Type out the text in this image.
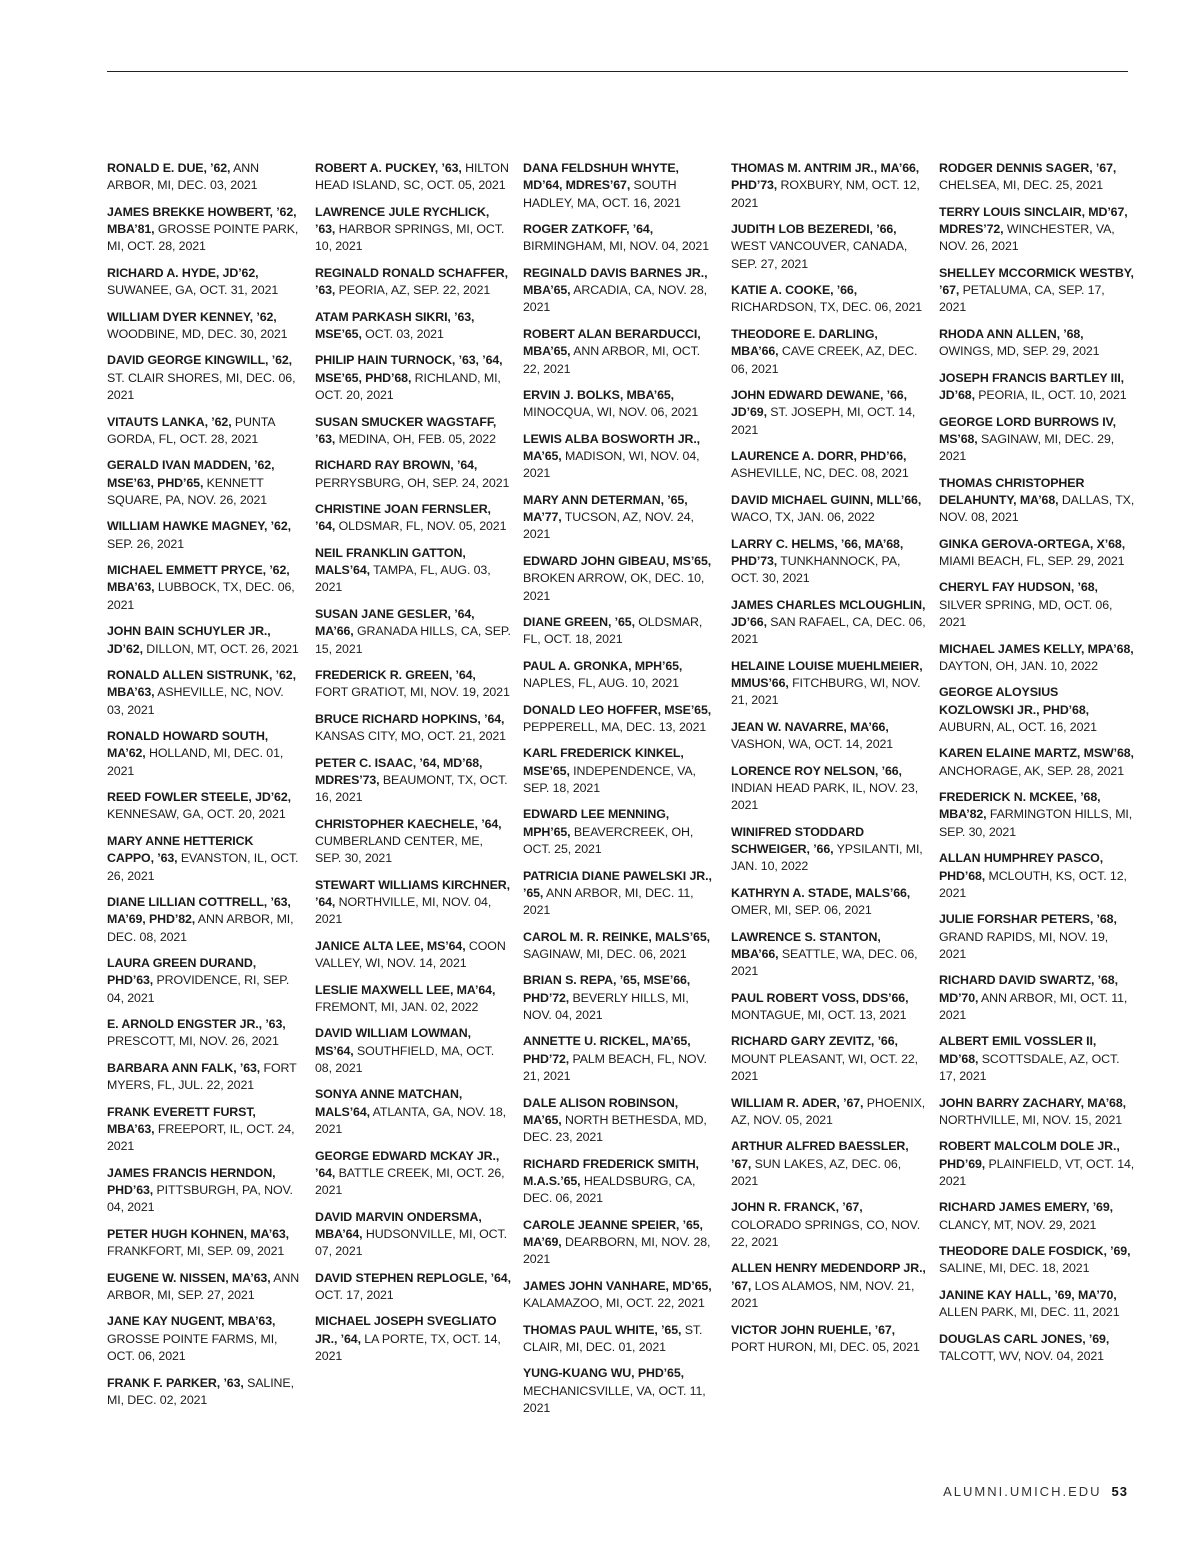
RONALD E. DUE, ’62, ANN ARBOR, MI, DEC. 03, 2021
JAMES BREKKE HOWBERT, ’62, MBA’81, GROSSE POINTE PARK, MI, OCT. 28, 2021
RICHARD A. HYDE, JD’62, SUWANEE, GA, OCT. 31, 2021
WILLIAM DYER KENNEY, ’62, WOODBINE, MD, DEC. 30, 2021
DAVID GEORGE KINGWILL, ’62, ST. CLAIR SHORES, MI, DEC. 06, 2021
VITAUTS LANKA, ’62, PUNTA GORDA, FL, OCT. 28, 2021
GERALD IVAN MADDEN, ’62, MSE’63, PHD’65, KENNETT SQUARE, PA, NOV. 26, 2021
WILLIAM HAWKE MAGNEY, ’62, SEP. 26, 2021
MICHAEL EMMETT PRYCE, ’62, MBA’63, LUBBOCK, TX, DEC. 06, 2021
JOHN BAIN SCHUYLER JR., JD’62, DILLON, MT, OCT. 26, 2021
RONALD ALLEN SISTRUNK, ’62, MBA’63, ASHEVILLE, NC, NOV. 03, 2021
RONALD HOWARD SOUTH, MA’62, HOLLAND, MI, DEC. 01, 2021
REED FOWLER STEELE, JD’62, KENNESAW, GA, OCT. 20, 2021
MARY ANNE HETTERICK CAPPO, ’63, EVANSTON, IL, OCT. 26, 2021
DIANE LILLIAN COTTRELL, ’63, MA’69, PHD’82, ANN ARBOR, MI, DEC. 08, 2021
LAURA GREEN DURAND, PHD’63, PROVIDENCE, RI, SEP. 04, 2021
E. ARNOLD ENGSTER JR., ’63, PRESCOTT, MI, NOV. 26, 2021
BARBARA ANN FALK, ’63, FORT MYERS, FL, JUL. 22, 2021
FRANK EVERETT FURST, MBA’63, FREEPORT, IL, OCT. 24, 2021
JAMES FRANCIS HERNDON, PHD’63, PITTSBURGH, PA, NOV. 04, 2021
PETER HUGH KOHNEN, MA’63, FRANKFORT, MI, SEP. 09, 2021
EUGENE W. NISSEN, MA’63, ANN ARBOR, MI, SEP. 27, 2021
JANE KAY NUGENT, MBA’63, GROSSE POINTE FARMS, MI, OCT. 06, 2021
FRANK F. PARKER, ’63, SALINE, MI, DEC. 02, 2021
ROBERT A. PUCKEY, ’63, HILTON HEAD ISLAND, SC, OCT. 05, 2021
LAWRENCE JULE RYCHLICK, ’63, HARBOR SPRINGS, MI, OCT. 10, 2021
REGINALD RONALD SCHAFFER, ’63, PEORIA, AZ, SEP. 22, 2021
ATAM PARKASH SIKRI, ’63, MSE’65, OCT. 03, 2021
PHILIP HAIN TURNOCK, ’63, ’64, MSE’65, PHD’68, RICHLAND, MI, OCT. 20, 2021
SUSAN SMUCKER WAGSTAFF, ’63, MEDINA, OH, FEB. 05, 2022
RICHARD RAY BROWN, ’64, PERRYSBURG, OH, SEP. 24, 2021
CHRISTINE JOAN FERNSLER, ’64, OLDSMAR, FL, NOV. 05, 2021
NEIL FRANKLIN GATTON, MALS’64, TAMPA, FL, AUG. 03, 2021
SUSAN JANE GESLER, ’64, MA’66, GRANADA HILLS, CA, SEP. 15, 2021
FREDERICK R. GREEN, ’64, FORT GRATIOT, MI, NOV. 19, 2021
BRUCE RICHARD HOPKINS, ’64, KANSAS CITY, MO, OCT. 21, 2021
PETER C. ISAAC, ’64, MD’68, MDRES’73, BEAUMONT, TX, OCT. 16, 2021
CHRISTOPHER KAECHELE, ’64, CUMBERLAND CENTER, ME, SEP. 30, 2021
STEWART WILLIAMS KIRCHNER, ’64, NORTHVILLE, MI, NOV. 04, 2021
JANICE ALTA LEE, MS’64, COON VALLEY, WI, NOV. 14, 2021
LESLIE MAXWELL LEE, MA’64, FREMONT, MI, JAN. 02, 2022
DAVID WILLIAM LOWMAN, MS’64, SOUTHFIELD, MA, OCT. 08, 2021
SONYA ANNE MATCHAN, MALS’64, ATLANTA, GA, NOV. 18, 2021
GEORGE EDWARD MCKAY JR., ’64, BATTLE CREEK, MI, OCT. 26, 2021
DAVID MARVIN ONDERSMA, MBA’64, HUDSONVILLE, MI, OCT. 07, 2021
DAVID STEPHEN REPLOGLE, ’64, OCT. 17, 2021
MICHAEL JOSEPH SVEGLIATO JR., ’64, LA PORTE, TX, OCT. 14, 2021
DANA FELDSHUH WHYTE, MD’64, MDRES’67, SOUTH HADLEY, MA, OCT. 16, 2021
ROGER ZATKOFF, ’64, BIRMINGHAM, MI, NOV. 04, 2021
REGINALD DAVIS BARNES JR., MBA’65, ARCADIA, CA, NOV. 28, 2021
ROBERT ALAN BERARDUCCI, MBA’65, ANN ARBOR, MI, OCT. 22, 2021
ERVIN J. BOLKS, MBA’65, MINOCQUA, WI, NOV. 06, 2021
LEWIS ALBA BOSWORTH JR., MA’65, MADISON, WI, NOV. 04, 2021
MARY ANN DETERMAN, ’65, MA’77, TUCSON, AZ, NOV. 24, 2021
EDWARD JOHN GIBEAU, MS’65, BROKEN ARROW, OK, DEC. 10, 2021
DIANE GREEN, ’65, OLDSMAR, FL, OCT. 18, 2021
PAUL A. GRONKA, MPH’65, NAPLES, FL, AUG. 10, 2021
DONALD LEO HOFFER, MSE’65, PEPPERELL, MA, DEC. 13, 2021
KARL FREDERICK KINKEL, MSE’65, INDEPENDENCE, VA, SEP. 18, 2021
EDWARD LEE MENNING, MPH’65, BEAVERCREEK, OH, OCT. 25, 2021
PATRICIA DIANE PAWELSKI JR., ’65, ANN ARBOR, MI, DEC. 11, 2021
CAROL M. R. REINKE, MALS’65, SAGINAW, MI, DEC. 06, 2021
BRIAN S. REPA, ’65, MSE’66, PHD’72, BEVERLY HILLS, MI, NOV. 04, 2021
ANNETTE U. RICKEL, MA’65, PHD’72, PALM BEACH, FL, NOV. 21, 2021
DALE ALISON ROBINSON, MA’65, NORTH BETHESDA, MD, DEC. 23, 2021
RICHARD FREDERICK SMITH, M.A.S.’65, HEALDSBURG, CA, DEC. 06, 2021
CAROLE JEANNE SPEIER, ’65, MA’69, DEARBORN, MI, NOV. 28, 2021
JAMES JOHN VANHARE, MD’65, KALAMAZOO, MI, OCT. 22, 2021
THOMAS PAUL WHITE, ’65, ST. CLAIR, MI, DEC. 01, 2021
YUNG-KUANG WU, PHD’65, MECHANICSVILLE, VA, OCT. 11, 2021
THOMAS M. ANTRIM JR., MA’66, PHD’73, ROXBURY, NM, OCT. 12, 2021
JUDITH LOB BEZEREDI, ’66, WEST VANCOUVER, CANADA, SEP. 27, 2021
KATIE A. COOKE, ’66, RICHARDSON, TX, DEC. 06, 2021
THEODORE E. DARLING, MBA’66, CAVE CREEK, AZ, DEC. 06, 2021
JOHN EDWARD DEWANE, ’66, JD’69, ST. JOSEPH, MI, OCT. 14, 2021
LAURENCE A. DORR, PHD’66, ASHEVILLE, NC, DEC. 08, 2021
DAVID MICHAEL GUINN, MLL’66, WACO, TX, JAN. 06, 2022
LARRY C. HELMS, ’66, MA’68, PHD’73, TUNKHANNOCK, PA, OCT. 30, 2021
JAMES CHARLES MCLOUGHLIN, JD’66, SAN RAFAEL, CA, DEC. 06, 2021
HELAINE LOUISE MUEHLMEIER, MMUS’66, FITCHBURG, WI, NOV. 21, 2021
JEAN W. NAVARRE, MA’66, VASHON, WA, OCT. 14, 2021
LORENCE ROY NELSON, ’66, INDIAN HEAD PARK, IL, NOV. 23, 2021
WINIFRED STODDARD SCHWEIGER, ’66, YPSILANTI, MI, JAN. 10, 2022
KATHRYN A. STADE, MALS’66, OMER, MI, SEP. 06, 2021
LAWRENCE S. STANTON, MBA’66, SEATTLE, WA, DEC. 06, 2021
PAUL ROBERT VOSS, DDS’66, MONTAGUE, MI, OCT. 13, 2021
RICHARD GARY ZEVITZ, ’66, MOUNT PLEASANT, WI, OCT. 22, 2021
WILLIAM R. ADER, ’67, PHOENIX, AZ, NOV. 05, 2021
ARTHUR ALFRED BAESSLER, ’67, SUN LAKES, AZ, DEC. 06, 2021
JOHN R. FRANCK, ’67, COLORADO SPRINGS, CO, NOV. 22, 2021
ALLEN HENRY MEDENDORP JR., ’67, LOS ALAMOS, NM, NOV. 21, 2021
VICTOR JOHN RUEHLE, ’67, PORT HURON, MI, DEC. 05, 2021
RODGER DENNIS SAGER, ’67, CHELSEA, MI, DEC. 25, 2021
TERRY LOUIS SINCLAIR, MD’67, MDRES’72, WINCHESTER, VA, NOV. 26, 2021
SHELLEY MCCORMICK WESTBY, ’67, PETALUMA, CA, SEP. 17, 2021
RHODA ANN ALLEN, ’68, OWINGS, MD, SEP. 29, 2021
JOSEPH FRANCIS BARTLEY III, JD’68, PEORIA, IL, OCT. 10, 2021
GEORGE LORD BURROWS IV, MS’68, SAGINAW, MI, DEC. 29, 2021
THOMAS CHRISTOPHER DELAHUNTY, MA’68, DALLAS, TX, NOV. 08, 2021
GINKA GEROVA-ORTEGA, X’68, MIAMI BEACH, FL, SEP. 29, 2021
CHERYL FAY HUDSON, ’68, SILVER SPRING, MD, OCT. 06, 2021
MICHAEL JAMES KELLY, MPA’68, DAYTON, OH, JAN. 10, 2022
GEORGE ALOYSIUS KOZLOWSKI JR., PHD’68, AUBURN, AL, OCT. 16, 2021
KAREN ELAINE MARTZ, MSW’68, ANCHORAGE, AK, SEP. 28, 2021
FREDERICK N. MCKEE, ’68, MBA’82, FARMINGTON HILLS, MI, SEP. 30, 2021
ALLAN HUMPHREY PASCO, PHD’68, MCLOUTH, KS, OCT. 12, 2021
JULIE FORSHAR PETERS, ’68, GRAND RAPIDS, MI, NOV. 19, 2021
RICHARD DAVID SWARTZ, ’68, MD’70, ANN ARBOR, MI, OCT. 11, 2021
ALBERT EMIL VOSSLER II, MD’68, SCOTTSDALE, AZ, OCT. 17, 2021
JOHN BARRY ZACHARY, MA’68, NORTHVILLE, MI, NOV. 15, 2021
ROBERT MALCOLM DOLE JR., PHD’69, PLAINFIELD, VT, OCT. 14, 2021
RICHARD JAMES EMERY, ’69, CLANCY, MT, NOV. 29, 2021
THEODORE DALE FOSDICK, ’69, SALINE, MI, DEC. 18, 2021
JANINE KAY HALL, ’69, MA’70, ALLEN PARK, MI, DEC. 11, 2021
DOUGLAS CARL JONES, ’69, TALCOTT, WV, NOV. 04, 2021
ALUMNI.UMICH.EDU 53
